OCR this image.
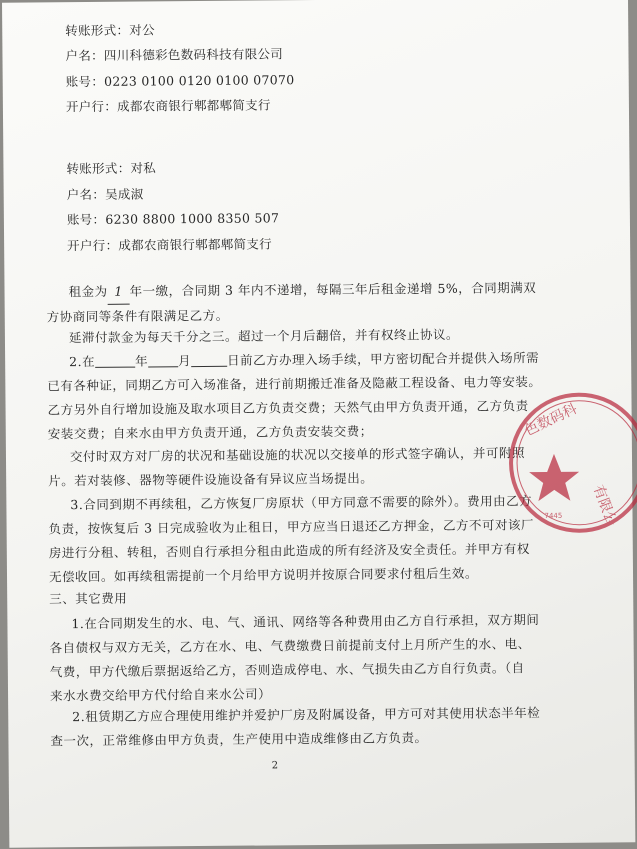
转账形式：对公
户名：四川科德彩色数码科技有限公司
账号：0223 0100 0120 0100 07070
开户行：成都农商银行郫都郫简支行
转账形式：对私
户名：吴成淑
账号：6230 8800 1000 8350 507
开户行：成都农商银行郫都郫简支行
租金为 1 年一缴，合同期 3 年内不递增，每隔三年后租金递增 5%，合同期满双
方协商同等条件有限满足乙方。
延滞付款金为每天千分之三。超过一个月后翻倍，并有权终止协议。
2.在	年 月	日前乙方办理入场手续，甲方密切配合并提供入场所需
已有各种证，同期乙方可入场准备，进行前期搬迁准备及隐蔽工程设备、电力等安装。
乙方另外自行增加设施及取水项目乙方负责交费；天然气由甲方负责开通，乙方负责
安装交费；自来水由甲方负责开通，乙方负责安装交费；
交付时双方对厂房的状况和基础设施的状况以交接单的形式签字确认，并可附照
片。若对装修、器物等硬件设施设备有异议应当场提出。
3.合同到期不再续租，乙方恢复厂房原状（甲方同意不需要的除外）。费用由乙方
负责，按恢复后 3 日完成验收为止租日，甲方应当日退还乙方押金，乙方不可对该厂
房进行分租、转租，否则自行承担分租由此造成的所有经济及安全责任。并甲方有权
无偿收回。如再续租需提前一个月给甲方说明并按原合同要求付租后生效。
三、其它费用
1.在合同期发生的水、电、气、通讯、网络等各种费用由乙方自行承担，双方期间
各自债权与双方无关，乙方在水、电、气费缴费日前提前支付上月所产生的水、电、
气费，甲方代缴后票据返给乙方，否则造成停电、水、气损失由乙方自行负责。（自
来水水费交给甲方代付给自来水公司）
2.租赁期乙方应合理使用维护并爱护厂房及附属设备，甲方可对其使用状态半年检
查一次，正常维修由甲方负责，生产使用中造成维修由乙方负责。
2
色数码科
有限公
7445
